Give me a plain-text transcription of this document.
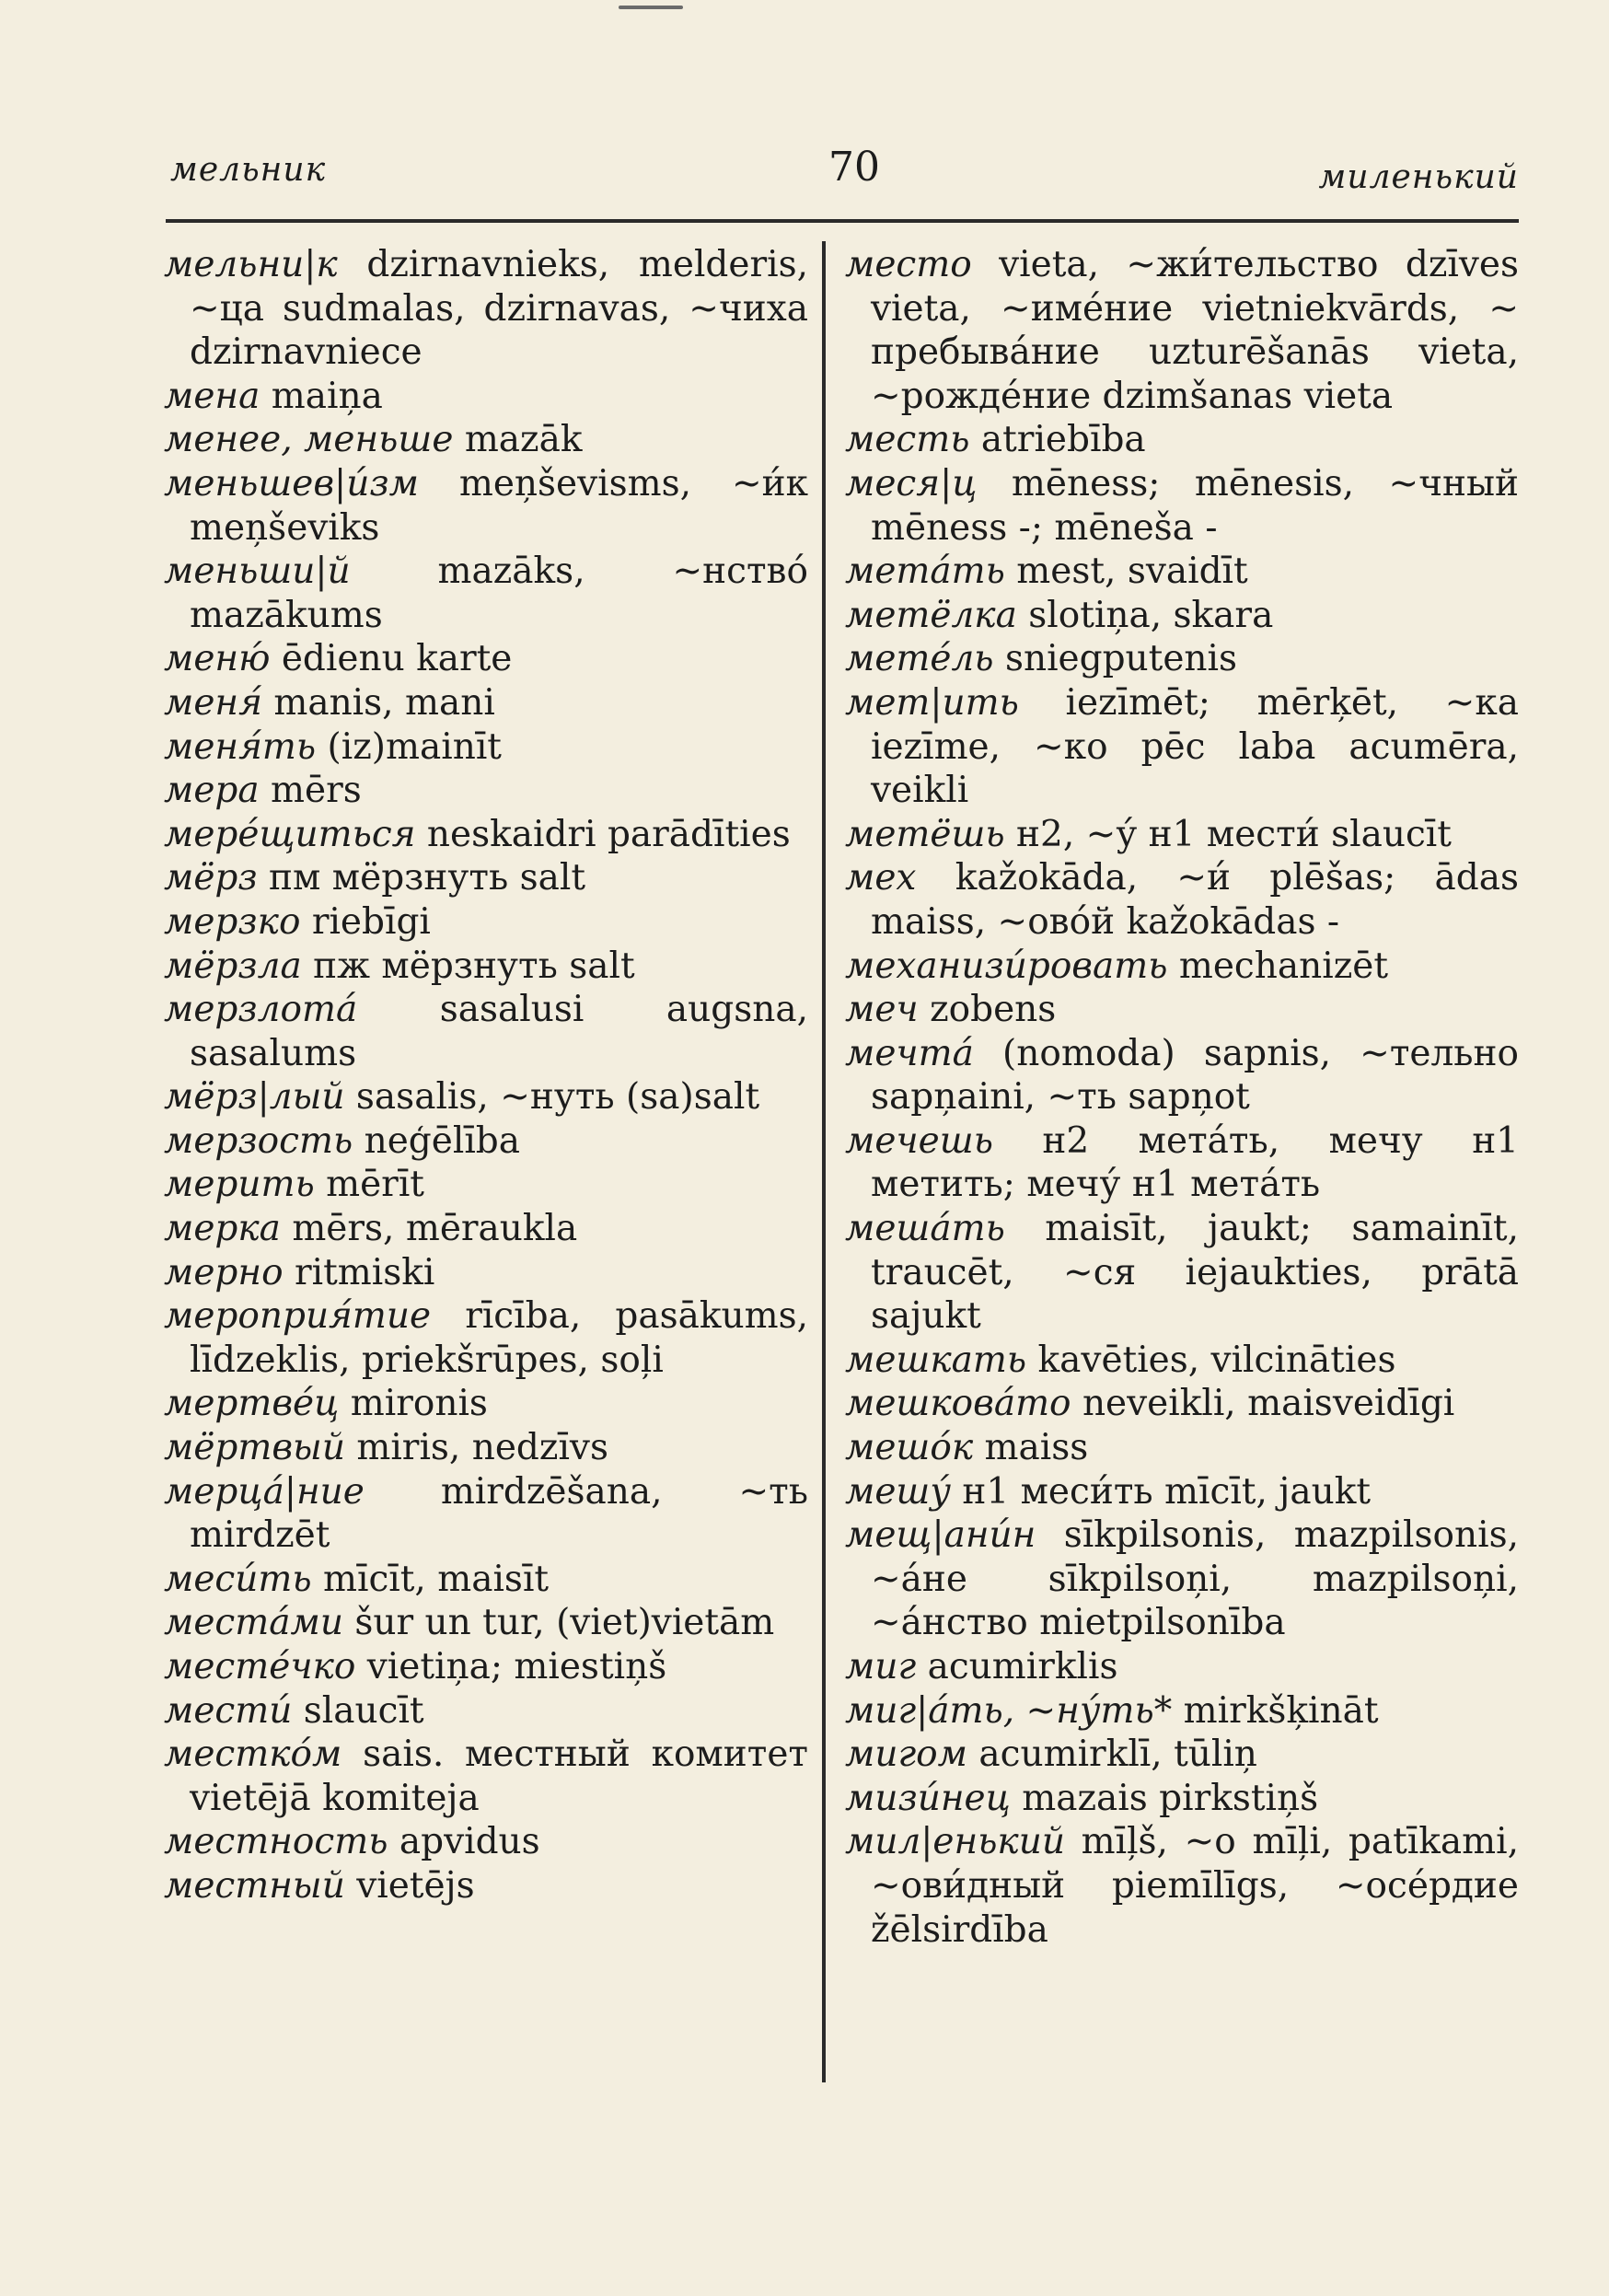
мельник	70	миленький

мельни|к dzirnavnieks, melderis, ~ца sudmalas, dzirnavas, ~чиха dzirnavniece

мена maiņa

менее, меньше mazāk

меньшев|и́зм meņševisms, ~и́к meņševiks

меньши|й mazāks, ~нство́ mazākums

меню́ ēdienu karte

меня́ manis, mani

меня́ть (iz)mainīt

мера mērs

мере́щиться neskaidri parādīties

мёрз пм мёрзнуть salt

мерзко riebīgi

мёрзла пж мёрзнуть salt

мерзлота́ sasalusi augsna, sasalums

мёрз|лый sasalis, ~нуть (sa)salt

мерзость neģēlība

мерить mērīt

мерка mērs, mēraukla

мерно ritmiski

мероприя́тие rīcība, pasākums, līdzeklis, priekšrūpes, soļi

мертве́ц mironis

мёртвый miris, nedzīvs

мерца́|ние mirdzēšana, ~ть mirdzēt

меси́ть mīcīt, maisīt

места́ми šur un tur, (viet)vietām

месте́чко vietiņa; miestiņš

мести́ slaucīt

местко́м sais. местный комитет vietējā komiteja

местность apvidus

местный vietējs

место vieta, ~жи́тельство dzīves vieta, ~име́ние vietniekvārds, ~ пребыва́ние uzturēšanās vieta, ~рожде́ние dzimšanas vieta

месть atriebība

меся|ц mēness; mēnesis, ~чный mēness -; mēneša -

мета́ть mest, svaidīt

метёлка slotiņa, skara

мете́ль sniegputenis

мет|ить iezīmēt; mērķēt, ~ка iezīme, ~ко pēc laba acumēra, veikli

метёшь н2, ~у́ н1 мести́ slaucīt

мех kažokāda, ~и́ plēšas; ādas maiss, ~ово́й kažokādas -

механизи́ровать mechanizēt

меч zobens

мечта́ (nomoda) sapnis, ~тельно sapņaini, ~ть sapņot

мечешь н2 мета́ть, мечу н1 метить; мечу́ н1 мета́ть

меша́ть maisīt, jaukt; samainīt, traucēt, ~ся iejaukties, prātā sajukt

мешкать kavēties, vilcināties

мешкова́то neveikli, maisveidīgi

мешо́к maiss

мешу́ н1 меси́ть mīcīt, jaukt

мещ|ани́н sīkpilsonis, mazpilsonis, ~а́не sīkpilsoņi, mazpilsoņi, ~а́нство mietpilsonība

миг acumirklis

миг|а́ть, ~ну́ть* mirkšķināt

мигом acumirklī, tūliņ

мизи́нец mazais pirkstiņš

мил|енький mīļš, ~o mīļi, patīkami, ~ови́дный piemīlīgs, ~осе́рдие žēlsirdība
